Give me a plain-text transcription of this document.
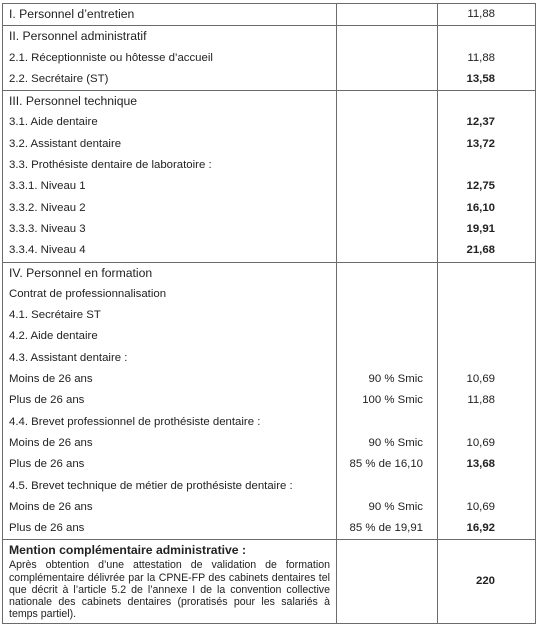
I. Personnel d’entretien		11,88
II. Personnel administratif		
2.1. Réceptionniste ou hôtesse d’accueil		11,88
2.2. Secrétaire (ST)		13,58
III. Personnel technique		
3.1. Aide dentaire		12,37
3.2. Assistant dentaire		13,72
3.3. Prothésiste dentaire de laboratoire :		
3.3.1. Niveau 1		12,75
3.3.2. Niveau 2		16,10
3.3.3. Niveau 3		19,91
3.3.4. Niveau 4		21,68
IV. Personnel en formation		
Contrat de professionnalisation		
4.1. Secrétaire ST		
4.2. Aide dentaire		
4.3. Assistant dentaire :		
Moins de 26 ans	90 % Smic	10,69
Plus de 26 ans	100 % Smic	11,88
4.4. Brevet professionnel de prothésiste dentaire :		
Moins de 26 ans	90 % Smic	10,69
Plus de 26 ans	85 % de 16,10	13,68
4.5. Brevet technique de métier de prothésiste dentaire :		
Moins de 26 ans	90 % Smic	10,69
Plus de 26 ans	85 % de 19,91	16,92

Mention complémentaire administrative :
Après obtention d’une attestation de validation de formation complémentaire délivrée par la CPNE-FP des cabinets dentaires tel que décrit à l’article 5.2 de l’annexe I de la convention collective nationale des cabinets dentaires (proratisés pour les salariés à temps partiel).		220
